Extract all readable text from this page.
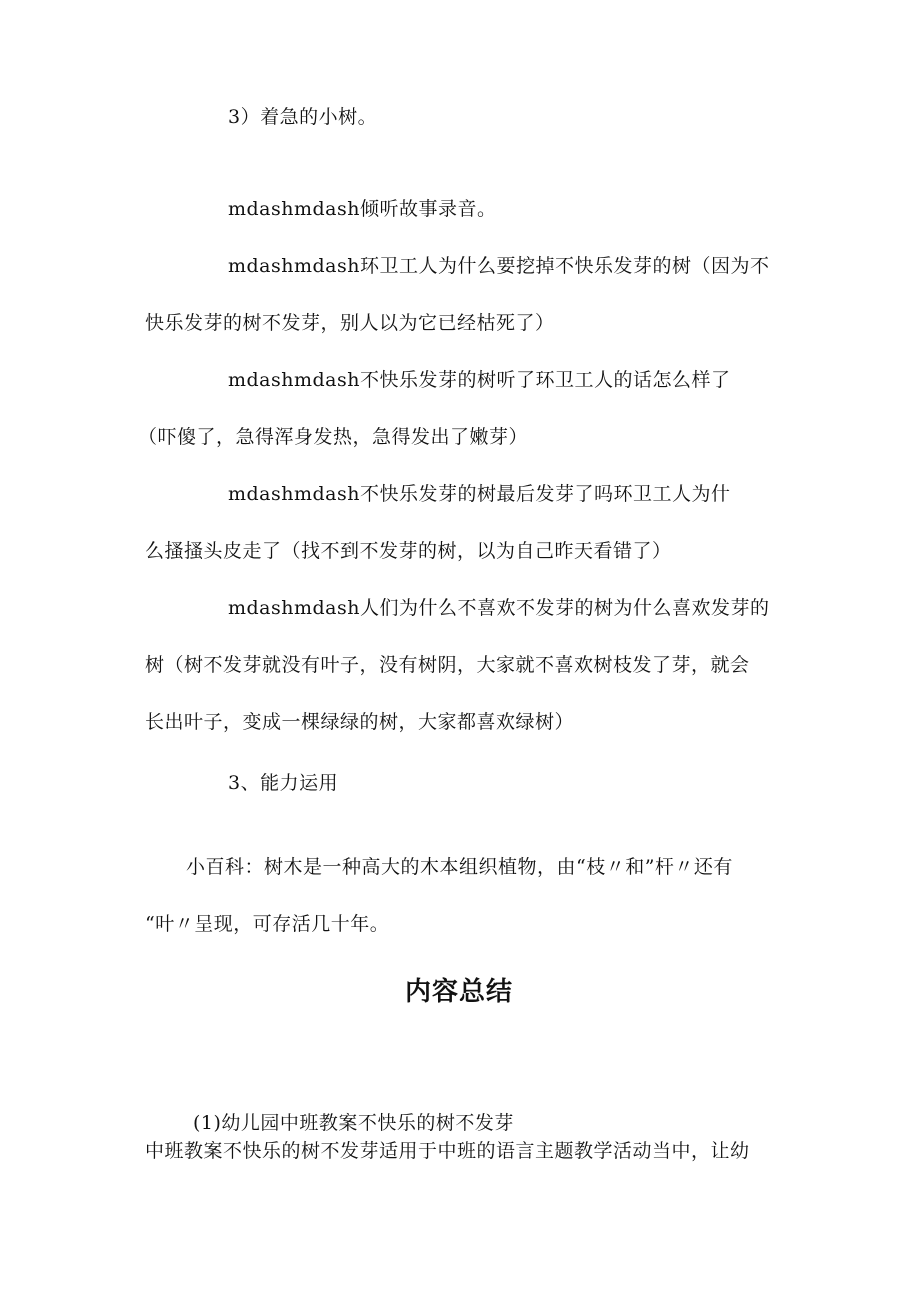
3）着急的小树。

mdashmdash倾听故事录音。

mdashmdash环卫工人为什么要挖掉不快乐发芽的树（因为不

快乐发芽的树不发芽，别人以为它已经枯死了）

mdashmdash不快乐发芽的树听了环卫工人的话怎么样了

（吓傻了，急得浑身发热，急得发出了嫩芽）

mdashmdash不快乐发芽的树最后发芽了吗环卫工人为什

么搔搔头皮走了（找不到不发芽的树，以为自己昨天看错了）

mdashmdash人们为什么不喜欢不发芽的树为什么喜欢发芽的

树（树不发芽就没有叶子，没有树阴，大家就不喜欢树枝发了芽，就会

长出叶子，变成一棵绿绿的树，大家都喜欢绿树）

3、能力运用

小百科：树木是一种高大的木本组织植物，由“枝〃和”杆〃还有

“叶〃呈现，可存活几十年。

内容总结

(1)幼儿园中班教案不快乐的树不发芽

中班教案不快乐的树不发芽适用于中班的语言主题教学活动当中，让幼
